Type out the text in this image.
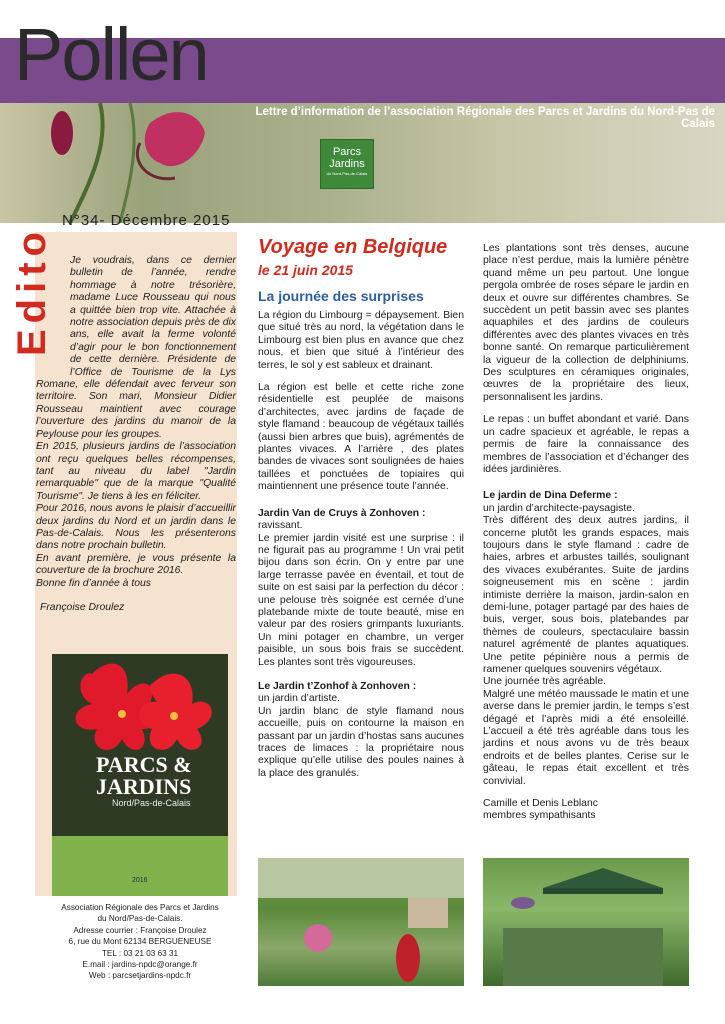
Pollen
Lettre d’information de l’association Régionale des Parcs et Jardins du Nord-Pas de Calais
Parcs
Jardins
du Nord-Pas-de-Calais
N°34- Décembre 2015
Edito	Je voudrais, dans ce dernier bulletin de l’année, rendre hommage à notre trésorière, madame Luce Rousseau qui nous a quittée bien trop vite. Attachée à notre association depuis près de dix ans, elle avait la ferme volonté d’agir pour le bon fonctionnement de cette dernière. Présidente de l’Office de Tourisme de la Lys Romane, elle défendait avec ferveur son territoire. Son mari, Monsieur Didier Rousseau maintient avec courage l’ouverture des jardins du manoir de la Peylouse pour les groupes.
En 2015, plusieurs jardins de l’association ont reçu quelques belles récompenses, tant au niveau du label "Jardin remarquable" que de la marque "Qualité Tourisme". Je tiens à les en féliciter.
Pour 2016, nous avons le plaisir d’accueillir deux jardins du Nord et un jardin dans le Pas-de-Calais. Nous les présenterons dans notre prochain bulletin.
En avant première, je vous présente la couverture de la brochure 2016.
Bonne fin d’année à tous
Françoise Droulez
PARCS & JARDINS
Nord/Pas-de-Calais
2016
Association Régionale des Parcs et Jardins
du Nord/Pas-de-Calais.
Adresse courrier : Françoise Droulez
6, rue du Mont 62134 BERGUENEUSE
TEL : 03 21 03 63 31
E.mail : jardins-npdc@orange.fr
Web : parcsetjardins-npdc.fr
Voyage en Belgique
le 21 juin 2015
La journée des surprises
La région du Limbourg = dépaysement. Bien que situé très au nord, la végétation dans le Limbourg est bien plus en avance que chez nous, et bien que situé à l’intérieur des terres, le sol y est sableux et drainant.
La région est belle et cette riche zone résidentielle est peuplée de maisons d’architectes, avec jardins de façade de style flamand : beaucoup de végétaux taillés (aussi bien arbres que buis), agrémentés de plantes vivaces. A l’arrière , des plates bandes de vivaces sont soulignées de haies taillées et ponctuées de topiaires qui maintiennent une présence toute l’année.
Jardin Van de Cruys à Zonhoven :
ravissant.
Le premier jardin visité est une surprise : il ne figurait pas au programme ! Un vrai petit bijou dans son écrin. On y entre par une large terrasse pavée en éventail, et tout de suite on est saisi par la perfection du décor : une pelouse très soignée est cernée d’une platebande mixte de toute beauté, mise en valeur par des rosiers grimpants luxuriants. Un mini potager en chambre, un verger paisible, un sous bois frais se succèdent. Les plantes sont très vigoureuses.
Le Jardin t’Zonhof à Zonhoven :
un jardin d’artiste.
Un jardin blanc de style flamand nous accueille, puis on contourne la maison en passant par un jardin d’hostas sans aucunes traces de limaces : la propriétaire nous explique qu’elle utilise des poules naines à la place des granulés.
Les plantations sont très denses, aucune place n’est perdue, mais la lumière pénètre quand même un peu partout. Une longue pergola ombrée de roses sépare le jardin en deux et ouvre sur différentes chambres. Se succèdent un petit bassin avec ses plantes aquaphiles et des jardins de couleurs différentes avec des plantes vivaces en très bonne santé. On remarque particulièrement la vigueur de la collection de delphiniums. Des sculptures en céramiques originales, œuvres de la propriétaire des lieux, personnalisent les jardins.
Le repas : un buffet abondant et varié. Dans un cadre spacieux et agréable, le repas a permis de faire la connaissance des membres de l’association et d’échanger des idées jardinières.
Le jardin de Dina Deferme :
un jardin d’architecte-paysagiste.
Très différent des deux autres jardins, il concerne plutôt les grands espaces, mais toujours dans le style flamand : cadre de haies, arbres et arbustes taillés, soulignant des vivaces exubérantes. Suite de jardins soigneusement mis en scène : jardin intimiste derrière la maison, jardin-salon en demi-lune, potager partagé par des haies de buis, verger, sous bois, platebandes par thèmes de couleurs, spectaculaire bassin naturel agrémenté de plantes aquatiques. Une petite pépinière nous a permis de ramener quelques souvenirs végétaux.
Une journée très agréable.
Malgré une météo maussade le matin et une averse dans le premier jardin, le temps s’est dégagé et l’après midi a été ensoleillé. L’accueil a été très agréable dans tous les jardins et nous avons vu de très beaux endroits et de belles plantes. Cerise sur le gâteau, le repas était excellent et très convivial.
Camille et Denis Leblanc
membres sympathisants
